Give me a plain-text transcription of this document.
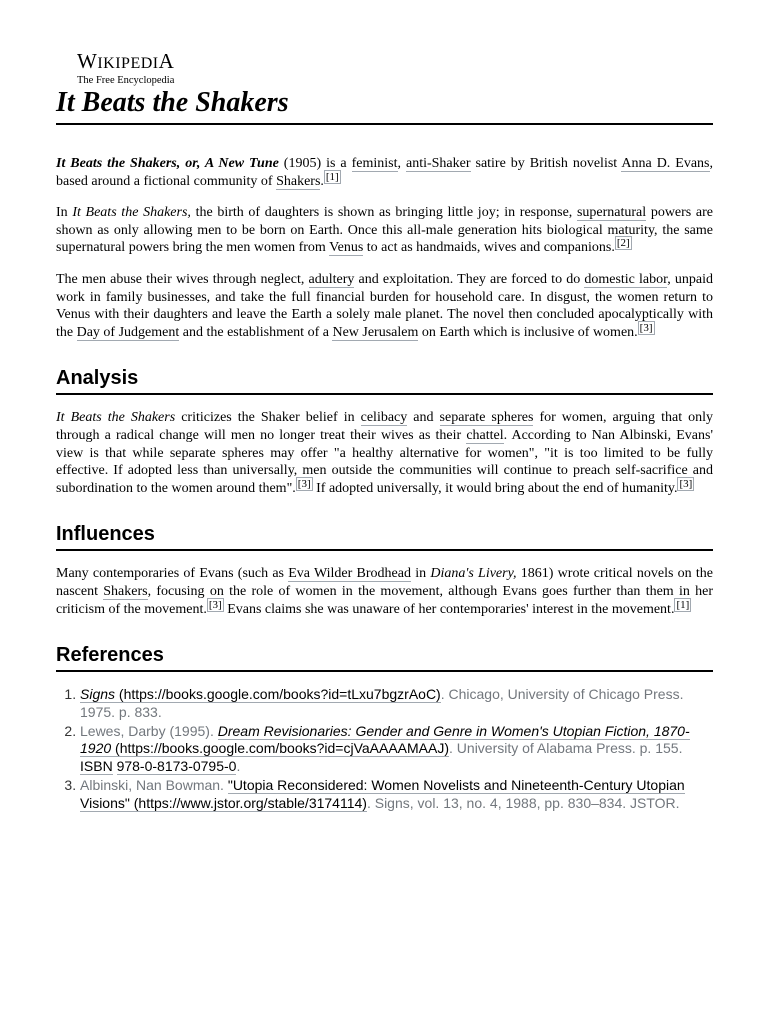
WIKIPEDIA
The Free Encyclopedia
It Beats the Shakers

It Beats the Shakers, or, A New Tune (1905) is a feminist, anti-Shaker satire by British novelist Anna D. Evans, based around a fictional community of Shakers. [1]

In It Beats the Shakers, the birth of daughters is shown as bringing little joy; in response, supernatural powers are shown as only allowing men to be born on Earth. Once this all-male generation hits biological maturity, the same supernatural powers bring the men women from Venus to act as handmaids, wives and companions. [2]

The men abuse their wives through neglect, adultery and exploitation. They are forced to do domestic labor, unpaid work in family businesses, and take the full financial burden for household care. In disgust, the women return to Venus with their daughters and leave the Earth a solely male planet. The novel then concluded apocalyptically with the Day of Judgement and the establishment of a New Jerusalem on Earth which is inclusive of women. [3]

Analysis

It Beats the Shakers criticizes the Shaker belief in celibacy and separate spheres for women, arguing that only through a radical change will men no longer treat their wives as their chattel. According to Nan Albinski, Evans' view is that while separate spheres may offer "a healthy alternative for women", "it is too limited to be fully effective. If adopted less than universally, men outside the communities will continue to preach self-sacrifice and subordination to the women around them". [3] If adopted universally, it would bring about the end of humanity. [3]

Influences

Many contemporaries of Evans (such as Eva Wilder Brodhead in Diana's Livery, 1861) wrote critical novels on the nascent Shakers, focusing on the role of women in the movement, although Evans goes further than them in her criticism of the movement. [3] Evans claims she was unaware of her contemporaries' interest in the movement. [1]

References
1. Signs (https://books.google.com/books?id=tLxu7bgzrAoC). Chicago, University of Chicago Press. 1975. p. 833.
2. Lewes, Darby (1995). Dream Revisionaries: Gender and Genre in Women's Utopian Fiction, 1870-1920 (https://books.google.com/books?id=cjVaAAAAMAAJ). University of Alabama Press. p. 155. ISBN 978-0-8173-0795-0.
3. Albinski, Nan Bowman. "Utopia Reconsidered: Women Novelists and Nineteenth-Century Utopian Visions" (https://www.jstor.org/stable/3174114). Signs, vol. 13, no. 4, 1988, pp. 830–834. JSTOR.
